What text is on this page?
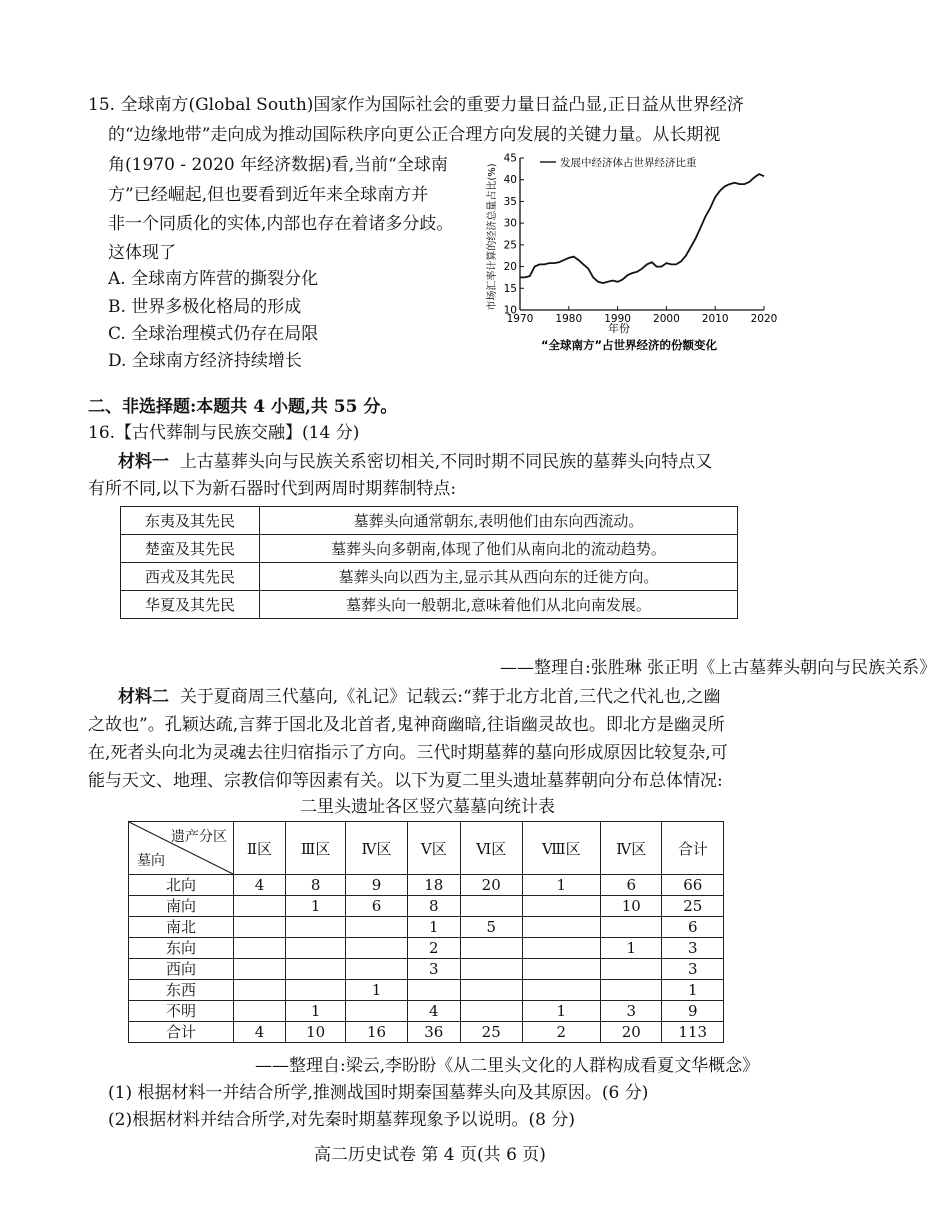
15. 全球南方(Global South)国家作为国际社会的重要力量日益凸显,正日益从世界经济
的“边缘地带”走向成为推动国际秩序向更公正合理方向发展的关键力量。从长期视
角(1970 - 2020 年经济数据)看,当前“全球南
方”已经崛起,但也要看到近年来全球南方并
非一个同质化的实体,内部也存在着诸多分歧。
这体现了
A. 全球南方阵营的撕裂分化
B. 世界多极化格局的形成
C. 全球治理模式仍存在局限
D. 全球南方经济持续增长
10
15
20
25
30
35
40
45
1970 1980 1990 2000 2010 2020
发展中经济体占世界经济比重
年份
“全球南方”占世界经济的份额变化
市场汇率计算的经济总量占比(%)
二、非选择题:本题共 4 小题,共 55 分。
16.【古代葬制与民族交融】(14 分)
材料一 上古墓葬头向与民族关系密切相关,不同时期不同民族的墓葬头向特点又
有所不同,以下为新石器时代到两周时期葬制特点:
东夷及其先民	墓葬头向通常朝东,表明他们由东向西流动。
楚蛮及其先民	墓葬头向多朝南,体现了他们从南向北的流动趋势。
西戎及其先民	墓葬头向以西为主,显示其从西向东的迁徙方向。
华夏及其先民	墓葬头向一般朝北,意味着他们从北向南发展。
——整理自:张胜琳 张正明《上古墓葬头朝向与民族关系》
材料二 关于夏商周三代墓向,《礼记》记载云:“葬于北方北首,三代之代礼也,之幽
之故也”。孔颖达疏,言葬于国北及北首者,鬼神商幽暗,往诣幽灵故也。即北方是幽灵所
在,死者头向北为灵魂去往归宿指示了方向。三代时期墓葬的墓向形成原因比较复杂,可
能与天文、地理、宗教信仰等因素有关。以下为夏二里头遗址墓葬朝向分布总体情况:
二里头遗址各区竖穴墓墓向统计表
遗产分区
墓向	Ⅱ区	Ⅲ区	Ⅳ区	Ⅴ区	Ⅵ区	Ⅷ区	Ⅳ区	合计
北向	4	8	9	18	20	1	6	66
南向		1	6	8			10	25
南北				1	5			6
东向				2			1	3
西向				3				3
东西			1					1
不明		1		4		1	3	9
合计	4	10	16	36	25	2	20	113
——整理自:梁云,李盼盼《从二里头文化的人群构成看夏文华概念》
(1) 根据材料一并结合所学,推测战国时期秦国墓葬头向及其原因。(6 分)
(2)根据材料并结合所学,对先秦时期墓葬现象予以说明。(8 分)
高二历史试卷 第 4 页(共 6 页)
